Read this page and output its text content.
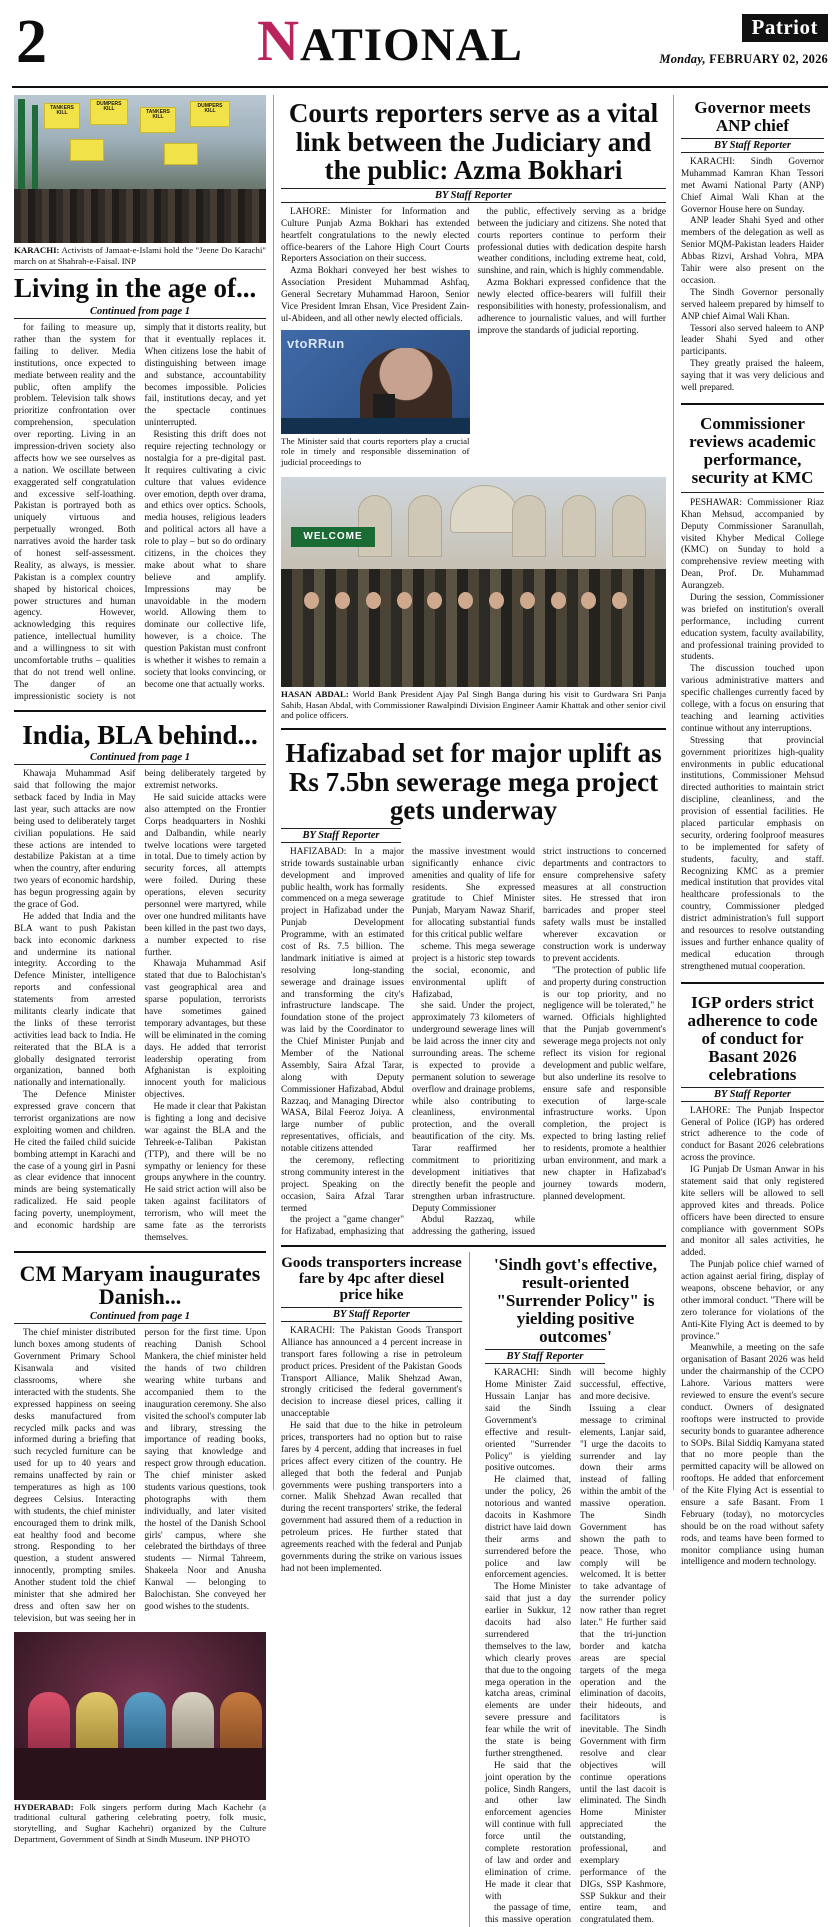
2	NATIONAL	Patriot
Monday, FEBRUARY 02, 2026
TANKERS KILL
DUMPERS KILL	TANKERS KILL
DUMPERS KILL
KARACHI: Activists of Jamaat-e-Islami hold the "Jeene Do Karachi" march on at Shahrah-e-Faisal. INP
Living in the age of...
Continued from page 1

for failing to measure up, rather than the system for failing to deliver. Media institutions, once expected to mediate between reality and the public, often amplify the problem. Television talk shows prioritize confrontation over comprehension, speculation over reporting. Living in an impression-driven society also affects how we see ourselves as a nation. We oscillate between exaggerated self congratulation and excessive self-loathing. Pakistan is portrayed both as uniquely virtuous and perpetually wronged. Both narratives avoid the harder task of honest self-assessment. Reality, as always, is messier. Pakistan is a complex country shaped by historical choices, power structures and human agency. However, acknowledging this requires patience, intellectual humility and a willingness to sit with uncomfortable truths – qualities that do not trend well online. The danger of an impressionistic society is not simply that it distorts reality, but that it eventually replaces it. When citizens lose the habit of distinguishing between image and substance, accountability becomes impossible. Policies fail, institutions decay, and yet the spectacle continues uninterrupted.

Resisting this drift does not require rejecting technology or nostalgia for a pre-digital past. It requires cultivating a civic culture that values evidence over emotion, depth over drama, and ethics over optics. Schools, media houses, religious leaders and political actors all have a role to play – but so do ordinary citizens, in the choices they make about what to share believe and amplify. Impressions may be unavoidable in the modern world. Allowing them to dominate our collective life, however, is a choice. The question Pakistan must confront is whether it wishes to remain a society that looks convincing, or become one that actually works.

India, BLA behind...
Continued from page 1

Khawaja Muhammad Asif said that following the major setback faced by India in May last year, such attacks are now being used to deliberately target civilian populations. He said these actions are intended to destabilize Pakistan at a time when the country, after enduring two years of economic hardship, has begun progressing again by the grace of God.

He added that India and the BLA want to push Pakistan back into economic darkness and undermine its national integrity. According to the Defence Minister, intelligence reports and confessional statements from arrested militants clearly indicate that the links of these terrorist activities lead back to India. He reiterated that the BLA is a globally designated terrorist organization, banned both nationally and internationally.

The Defence Minister expressed grave concern that terrorist organizations are now exploiting women and children. He cited the failed child suicide bombing attempt in Karachi and the case of a young girl in Pasni as clear evidence that innocent minds are being systematically radicalized. He said people facing poverty, unemployment, and economic hardship are being deliberately targeted by extremist networks.

He said suicide attacks were also attempted on the Frontier Corps headquarters in Noshki and Dalbandin, while nearly twelve locations were targeted in total. Due to timely action by security forces, all attempts were foiled. During these operations, eleven security personnel were martyred, while over one hundred militants have been killed in the past two days, a number expected to rise further.

Khawaja Muhammad Asif stated that due to Balochistan's vast geographical area and sparse population, terrorists have sometimes gained temporary advantages, but these will be eliminated in the coming days. He added that terrorist leadership operating from Afghanistan is exploiting innocent youth for malicious objectives.

He made it clear that Pakistan is fighting a long and decisive war against the BLA and the Tehreek-e-Taliban Pakistan (TTP), and there will be no sympathy or leniency for these groups anywhere in the country. He said strict action will also be taken against facilitators of terrorism, who will meet the same fate as the terrorists themselves.

CM Maryam inaugurates Danish...
Continued from page 1

The chief minister distributed lunch boxes among students of Government Primary School Kisanwala and visited classrooms, where she interacted with the students. She expressed happiness on seeing desks manufactured from recycled milk packs and was informed during a briefing that such recycled furniture can be used for up to 40 years and remains unaffected by rain or temperatures as high as 100 degrees Celsius. Interacting with students, the chief minister encouraged them to drink milk, eat healthy food and become strong. Responding to her question, a student answered innocently, prompting smiles. Another student told the chief minister that she admired her dress and often saw her on television, but was seeing her in person for the first time. Upon reaching Danish School Mankera, the chief minister held the hands of two children wearing white turbans and accompanied them to the inauguration ceremony. She also visited the school's computer lab and library, stressing the importance of reading books, saying that knowledge and respect grow through education. The chief minister asked students various questions, took photographs with them individually, and later visited the hostel of the Danish School girls' campus, where she celebrated the birthdays of three students — Nirmal Tahreem, Shakeela Noor and Anusha Kanwal — belonging to Balochistan. She conveyed her good wishes to the students.

HYDERABAD: Folk singers perform during Mach Kachehr (a traditional cultural gathering celebrating poetry, folk music, storytelling, and Sughar Kachehri) organized by the Culture Department, Government of Sindh at Sindh Museum. INP PHOTO
Courts reporters serve as a vital link between the Judiciary and the public: Azma Bokhari
BY Staff Reporter

LAHORE: Minister for Information and Culture Punjab Azma Bokhari has extended heartfelt congratulations to the newly elected office-bearers of the Lahore High Court Courts Reporters Association on their success.

Azma Bokhari conveyed her best wishes to Association President Muhammad Ashfaq, General Secretary Muhammad Haroon, Senior Vice President Imran Ehsan, Vice President Zain-ul-Abideen, and all other newly elected officials.

vtoRRun
The Minister said that courts reporters play a crucial role in timely and responsible dissemination of judicial proceedings to

the public, effectively serving as a bridge between the judiciary and citizens. She noted that courts reporters continue to perform their professional duties with dedication despite harsh weather conditions, including extreme heat, cold, sunshine, and rain, which is highly commendable.

Azma Bokhari expressed confidence that the newly elected office-bearers will fulfill their responsibilities with honesty, professionalism, and adherence to journalistic values, and will further improve the standards of judicial reporting.

WELCOME
HASAN ABDAL: World Bank President Ajay Pal Singh Banga during his visit to Gurdwara Sri Panja Sahib, Hasan Abdal, with Commissioner Rawalpindi Division Engineer Aamir Khattak and other senior civil and police officers.
Hafizabad set for major uplift as Rs 7.5bn sewerage mega project gets underway
BY Staff Reporter

HAFIZABAD: In a major stride towards sustainable urban development and improved public health, work has formally commenced on a mega sewerage project in Hafizabad under the Punjab Development Programme, with an estimated cost of Rs. 7.5 billion. The landmark initiative is aimed at resolving long-standing sewerage and drainage issues and transforming the city's infrastructure landscape. The foundation stone of the project was laid by the Coordinator to the Chief Minister Punjab and Member of the National Assembly, Saira Afzal Tarar, along with Deputy Commissioner Hafizabad, Abdul Razzaq, and Managing Director WASA, Bilal Feeroz Joiya. A large number of public representatives, officials, and notable citizens attended

the ceremony, reflecting strong community interest in the project. Speaking on the occasion, Saira Afzal Tarar termed

the project a "game changer" for Hafizabad, emphasizing that the massive investment would significantly enhance civic amenities and quality of life for residents. She expressed gratitude to Chief Minister Punjab, Maryam Nawaz Sharif, for allocating substantial funds for this critical public welfare

scheme. This mega sewerage project is a historic step towards the social, economic, and environmental uplift of Hafizabad,

she said. Under the project, approximately 73 kilometers of underground sewerage lines will be laid across the inner city and surrounding areas. The scheme is expected to provide a permanent solution to sewerage overflow and drainage problems, while also contributing to cleanliness, environmental protection, and the overall beautification of the city. Ms. Tarar reaffirmed her commitment to prioritizing development initiatives that directly benefit the people and strengthen urban infrastructure. Deputy Commissioner

Abdul Razzaq, while addressing the gathering, issued strict instructions to concerned departments and contractors to ensure comprehensive safety measures at all construction sites. He stressed that iron barricades and proper steel safety walls must be installed wherever excavation or construction work is underway to prevent accidents.

"The protection of public life and property during construction is our top priority, and no negligence will be tolerated," he warned. Officials highlighted that the Punjab government's sewerage mega projects not only reflect its vision for regional development and public welfare, but also underline its resolve to ensure safe and responsible execution of large-scale infrastructure works. Upon completion, the project is expected to bring lasting relief to residents, promote a healthier urban environment, and mark a new chapter in Hafizabad's journey towards modern, planned development.

Goods transporters increase fare by 4pc after diesel price hike
BY Staff Reporter

KARACHI: The Pakistan Goods Transport Alliance has announced a 4 percent increase in transport fares following a rise in petroleum product prices. President of the Pakistan Goods Transport Alliance, Malik Shehzad Awan, strongly criticised the federal government's decision to increase diesel prices, calling it unacceptable

He said that due to the hike in petroleum prices, transporters had no option but to raise fares by 4 percent, adding that increases in fuel prices affect every citizen of the country. He alleged that both the federal and Punjab governments were pushing transporters into a corner. Malik Shehzad Awan recalled that during the recent transporters' strike, the federal government had assured them of a reduction in petroleum prices. He further stated that agreements reached with the federal and Punjab governments during the strike on various issues had not been implemented.

'Sindh govt's effective, result-oriented "Surrender Policy" is yielding positive outcomes'
BY Staff Reporter

KARACHI: Sindh Home Minister Zaid Hussain Lanjar has said the Sindh Government's effective and result-oriented "Surrender Policy" is yielding positive outcomes.

He claimed that, under the policy, 26 notorious and wanted dacoits in Kashmore district have laid down their arms and surrendered before the police and law enforcement agencies.

The Home Minister said that just a day earlier in Sukkur, 12 dacoits had also surrendered themselves to the law, which clearly proves that due to the ongoing mega operation in the katcha areas, criminal elements are under severe pressure and fear while the writ of the state is being further strengthened.

He said that the joint operation by the police, Sindh Rangers, and other law enforcement agencies will continue with full force until the complete restoration of law and order and elimination of crime. He made it clear that with

the passage of time, this massive operation will become highly successful, effective, and more decisive.

Issuing a clear message to criminal elements, Lanjar said, "I urge the dacoits to surrender and lay down their arms instead of falling within the ambit of the massive operation. The Sindh Government has shown the path to peace. Those, who comply will be welcomed. It is better to take advantage of the surrender policy now rather than regret later." He further said that the tri-junction border and katcha areas are special targets of the mega operation and the elimination of dacoits, their hideouts, and facilitators is inevitable. The Sindh Government with firm resolve and clear objectives will continue operations until the last dacoit is eliminated. The Sindh Home Minister appreciated the outstanding, professional, and exemplary performance of the DIGs, SSP Kashmore, SSP Sukkur and their entire team, and congratulated them.

Governor meets ANP chief
BY Staff Reporter

KARACHI: Sindh Governor Muhammad Kamran Khan Tessori met Awami National Party (ANP) Chief Aimal Wali Khan at the Governor House here on Sunday.

ANP leader Shahi Syed and other members of the delegation as well as Senior MQM-Pakistan leaders Haider Abbas Rizvi, Arshad Vohra, MPA Tahir were also present on the occasion.

The Sindh Governor personally served haleem prepared by himself to ANP chief Aimal Wali Khan.

Tessori also served haleem to ANP leader Shahi Syed and other participants.

They greatly praised the haleem, saying that it was very delicious and well prepared.

Commissioner reviews academic performance, security at KMC

PESHAWAR: Commissioner Riaz Khan Mehsud, accompanied by Deputy Commissioner Saranullah, visited Khyber Medical College (KMC) on Sunday to hold a comprehensive review meeting with Dean, Prof. Dr. Muhammad Aurangzeb.

During the session, Commissioner was briefed on institution's overall performance, including current education system, faculty availability, and professional training provided to students.

The discussion touched upon various administrative matters and specific challenges currently faced by college, with a focus on ensuring that teaching and learning activities continue without any interruptions.

Stressing that provincial government prioritizes high-quality environments in public educational institutions, Commissioner Mehsud directed authorities to maintain strict discipline, cleanliness, and the provision of essential facilities. He placed particular emphasis on security, ordering foolproof measures to be implemented for safety of students, faculty, and staff. Recognizing KMC as a premier medical institution that provides vital healthcare professionals to the country, Commissioner pledged district administration's full support and resources to resolve outstanding issues and further enhance quality of medical education through strengthened mutual cooperation.

IGP orders strict adherence to code of conduct for Basant 2026 celebrations
BY Staff Reporter

LAHORE: The Punjab Inspector General of Police (IGP) has ordered strict adherence to the code of conduct for Basant 2026 celebrations across the province.

IG Punjab Dr Usman Anwar in his statement said that only registered kite sellers will be allowed to sell approved kites and threads. Police officers have been directed to ensure compliance with government SOPs and monitor all sales activities, he added.

The Punjab police chief warned of action against aerial firing, display of weapons, obscene behavior, or any other immoral conduct. "There will be zero tolerance for violations of the Anti-Kite Flying Act is deemed to by province."

Meanwhile, a meeting on the safe organisation of Basant 2026 was held under the chairmanship of the CCPO Lahore. Various matters were reviewed to ensure the event's secure conduct. Owners of designated rooftops were instructed to provide security bonds to guarantee adherence to SOPs. Bilal Siddiq Kamyana stated that no more people than the permitted capacity will be allowed on rooftops. He added that enforcement of the Kite Flying Act is essential to ensure a safe Basant. From 1 February (today), no motorcycles should be on the road without safety rods, and teams have been formed to monitor compliance using human intelligence and modern technology.
